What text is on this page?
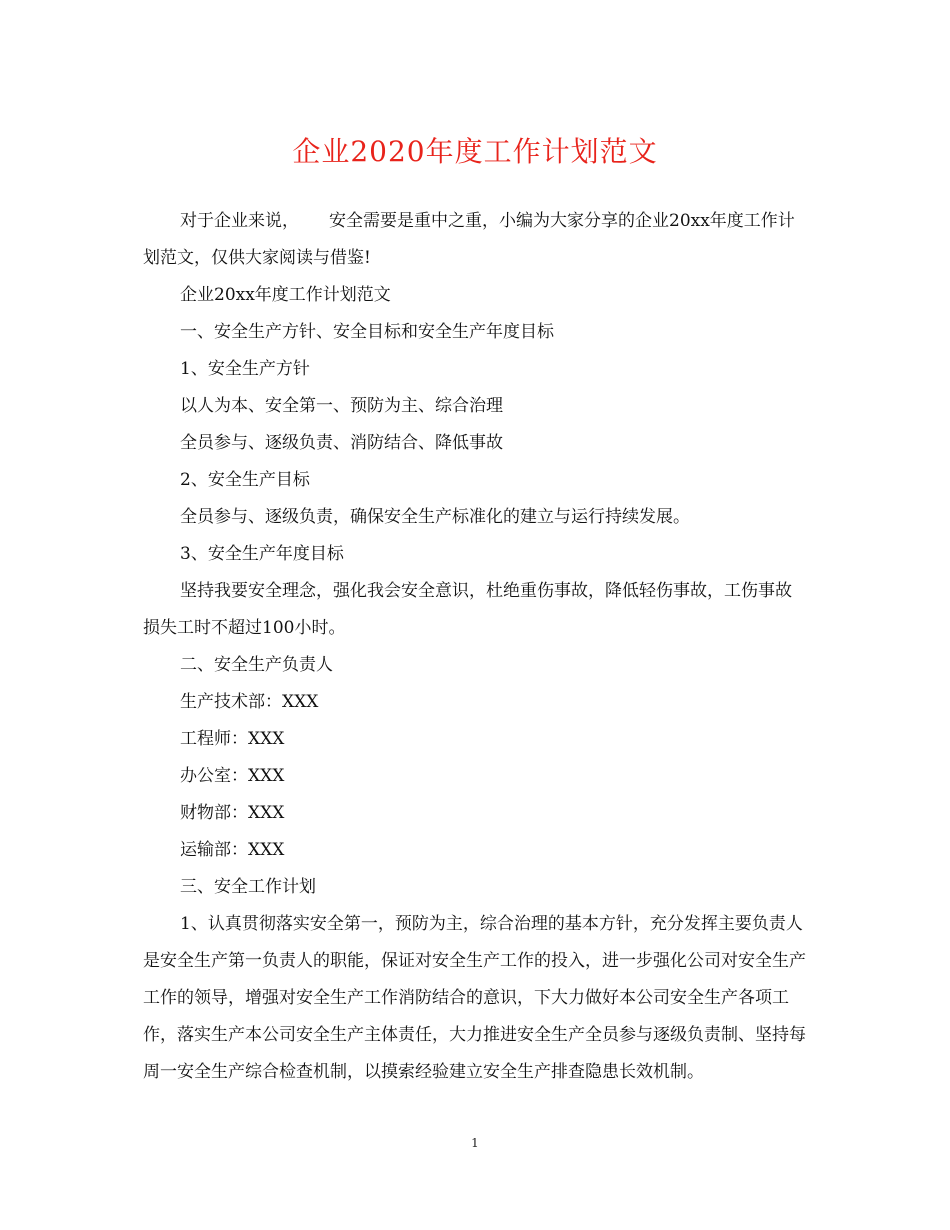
企业2020年度工作计划范文

对于企业来说， 安全需要是重中之重，小编为大家分享的企业20xx年度工作计划范文，仅供大家阅读与借鉴!

企业20xx年度工作计划范文

一、安全生产方针、安全目标和安全生产年度目标

1、安全生产方针

以人为本、安全第一、预防为主、综合治理

全员参与、逐级负责、消防结合、降低事故

2、安全生产目标

全员参与、逐级负责，确保安全生产标准化的建立与运行持续发展。

3、安全生产年度目标

坚持我要安全理念，强化我会安全意识，杜绝重伤事故，降低轻伤事故，工伤事故损失工时不超过100小时。

二、安全生产负责人

生产技术部：XXX

工程师：XXX

办公室：XXX

财物部：XXX

运输部：XXX

三、安全工作计划

1、认真贯彻落实安全第一，预防为主，综合治理的基本方针，充分发挥主要负责人是安全生产第一负责人的职能，保证对安全生产工作的投入，进一步强化公司对安全生产工作的领导，增强对安全生产工作消防结合的意识，下大力做好本公司安全生产各项工作，落实生产本公司安全生产主体责任，大力推进安全生产全员参与逐级负责制、坚持每周一安全生产综合检查机制，以摸索经验建立安全生产排查隐患长效机制。

1
